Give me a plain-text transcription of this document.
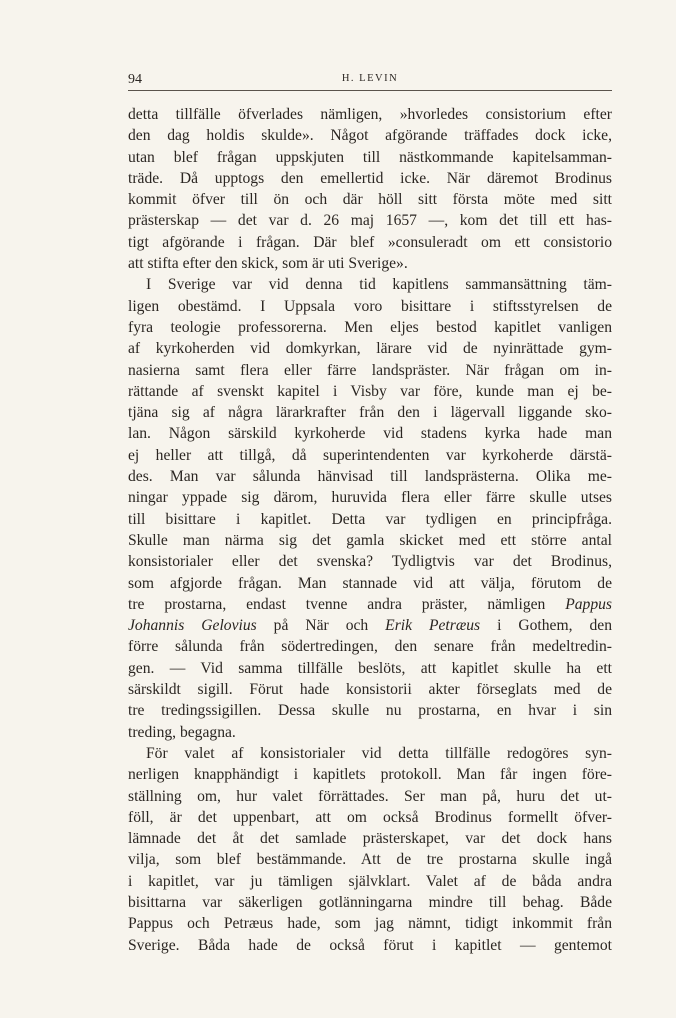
94	H. LEVIN
detta tillfälle öfverlades nämligen, »hvorledes consistorium efter
den dag holdis skulde». Något afgörande träffades dock icke,
utan blef frågan uppskjuten till nästkommande kapitelsamman-
träde. Då upptogs den emellertid icke. När däremot Brodinus
kommit öfver till ön och där höll sitt första möte med sitt
prästerskap — det var d. 26 maj 1657 —, kom det till ett has-
tigt afgörande i frågan. Där blef »consuleradt om ett consistorio
att stifta efter den skick, som är uti Sverige».
I Sverige var vid denna tid kapitlens sammansättning täm-
ligen obestämd. I Uppsala voro bisittare i stiftsstyrelsen de
fyra teologie professorerna. Men eljes bestod kapitlet vanligen
af kyrkoherden vid domkyrkan, lärare vid de nyinrättade gym-
nasierna samt flera eller färre landspräster. När frågan om in-
rättande af svenskt kapitel i Visby var före, kunde man ej be-
tjäna sig af några lärarkrafter från den i lägervall liggande sko-
lan. Någon särskild kyrkoherde vid stadens kyrka hade man
ej heller att tillgå, då superintendenten var kyrkoherde därstä-
des. Man var sålunda hänvisad till landsprästerna. Olika me-
ningar yppade sig därom, huruvida flera eller färre skulle utses
till bisittare i kapitlet. Detta var tydligen en principfråga.
Skulle man närma sig det gamla skicket med ett större antal
konsistorialer eller det svenska? Tydligtvis var det Brodinus,
som afgjorde frågan. Man stannade vid att välja, förutom de
tre prostarna, endast tvenne andra präster, nämligen Pappus
Johannis Gelovius på När och Erik Petræus i Gothem, den
förre sålunda från södertredingen, den senare från medeltredin-
gen. — Vid samma tillfälle beslöts, att kapitlet skulle ha ett
särskildt sigill. Förut hade konsistorii akter förseglats med de
tre tredingssigillen. Dessa skulle nu prostarna, en hvar i sin
treding, begagna.
För valet af konsistorialer vid detta tillfälle redogöres syn-
nerligen knapphändigt i kapitlets protokoll. Man får ingen före-
ställning om, hur valet förrättades. Ser man på, huru det ut-
föll, är det uppenbart, att om också Brodinus formellt öfver-
lämnade det åt det samlade prästerskapet, var det dock hans
vilja, som blef bestämmande. Att de tre prostarna skulle ingå
i kapitlet, var ju tämligen självklart. Valet af de båda andra
bisittarna var säkerligen gotlänningarna mindre till behag. Både
Pappus och Petræus hade, som jag nämnt, tidigt inkommit från
Sverige. Båda hade de också förut i kapitlet — gentemot
